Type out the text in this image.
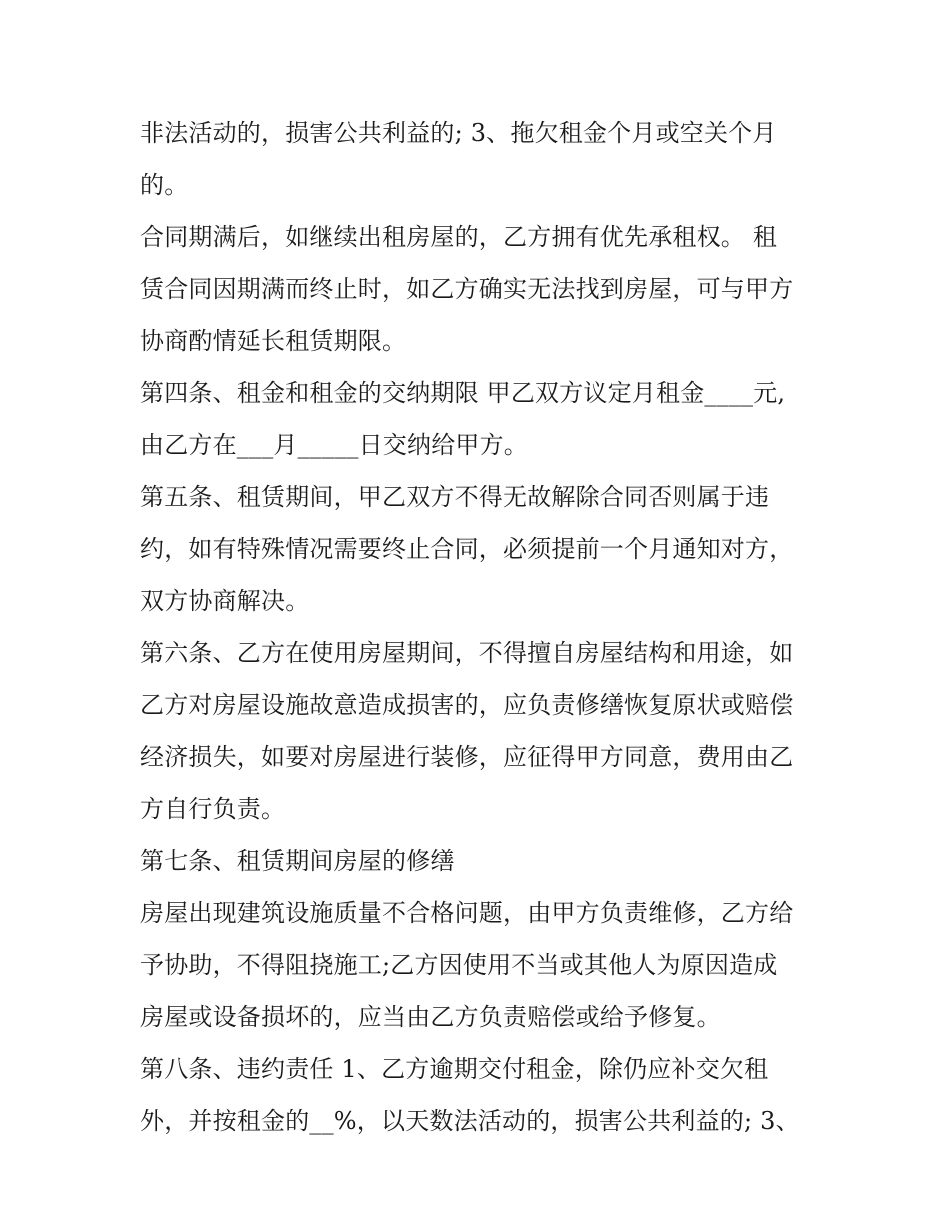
非法活动的，损害公共利益的; 3、拖欠租金个月或空关个月
的。
合同期满后，如继续出租房屋的，乙方拥有优先承租权。 租
赁合同因期满而终止时，如乙方确实无法找到房屋，可与甲方
协商酌情延长租赁期限。
第四条、租金和租金的交纳期限 甲乙双方议定月租金____元,
由乙方在___月_____日交纳给甲方。
第五条、租赁期间，甲乙双方不得无故解除合同否则属于违
约，如有特殊情况需要终止合同，必须提前一个月通知对方，
双方协商解决。
第六条、乙方在使用房屋期间，不得擅自房屋结构和用途，如
乙方对房屋设施故意造成损害的，应负责修缮恢复原状或赔偿
经济损失，如要对房屋进行装修，应征得甲方同意，费用由乙
方自行负责。
第七条、租赁期间房屋的修缮
房屋出现建筑设施质量不合格问题，由甲方负责维修，乙方给
予协助，不得阻挠施工;乙方因使用不当或其他人为原因造成
房屋或设备损坏的，应当由乙方负责赔偿或给予修复。
第八条、违约责任 1、乙方逾期交付租金，除仍应补交欠租
外，并按租金的__%，以天数法活动的，损害公共利益的; 3、
